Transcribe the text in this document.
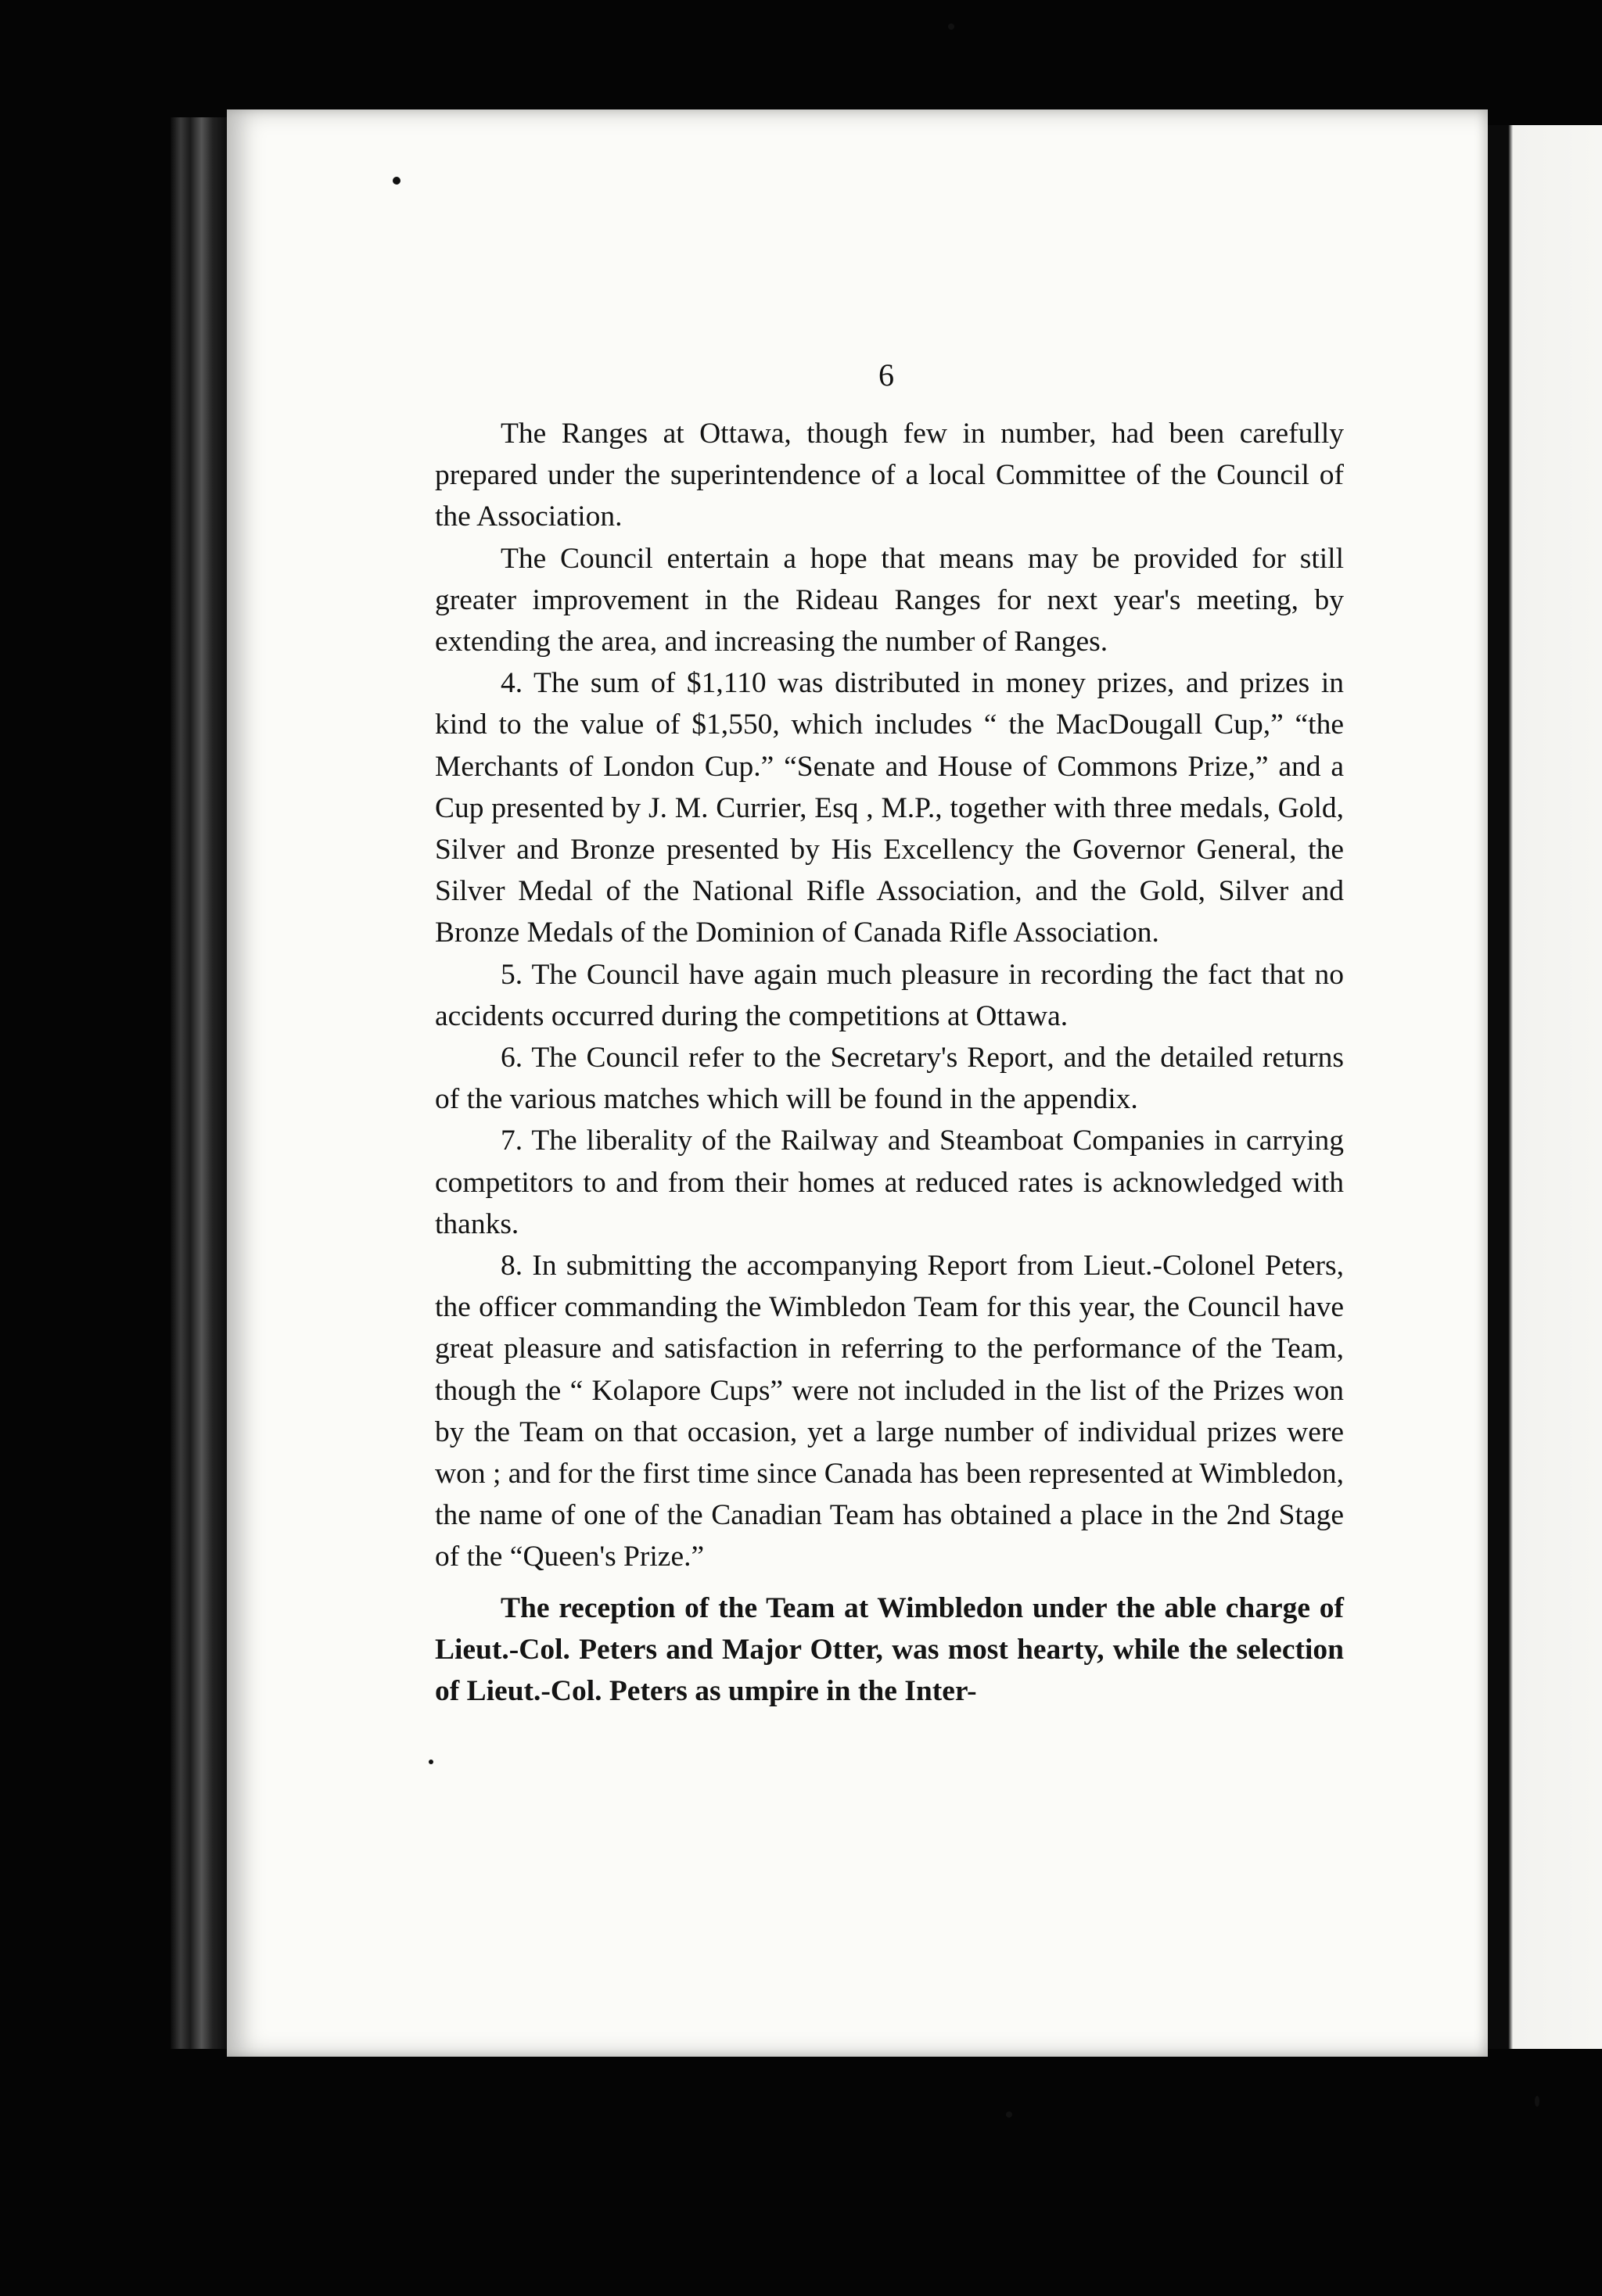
6

The Ranges at Ottawa, though few in number, had been carefully prepared under the superintendence of a local Committee of the Council of the Association.

The Council entertain a hope that means may be provided for still greater improvement in the Rideau Ranges for next year's meeting, by extending the area, and increasing the number of Ranges.

4. The sum of $1,110 was distributed in money prizes, and prizes in kind to the value of $1,550, which includes “ the MacDougall Cup,” “the Merchants of London Cup.” “Senate and House of Commons Prize,” and a Cup presented by J. M. Currier, Esq , M.P., together with three medals, Gold, Silver and Bronze presented by His Excellency the Governor General, the Silver Medal of the National Rifle Association, and the Gold, Silver and Bronze Medals of the Dominion of Canada Rifle Association.

5. The Council have again much pleasure in recording the fact that no accidents occurred during the competitions at Ottawa.

6. The Council refer to the Secretary's Report, and the detailed returns of the various matches which will be found in the appendix.

7. The liberality of the Railway and Steamboat Companies in carrying competitors to and from their homes at reduced rates is acknowledged with thanks.

8. In submitting the accompanying Report from Lieut.-Colonel Peters, the officer commanding the Wimbledon Team for this year, the Council have great pleasure and satisfaction in referring to the performance of the Team, though the “ Kolapore Cups” were not included in the list of the Prizes won by the Team on that occasion, yet a large number of individual prizes were won ; and for the first time since Canada has been represented at Wimbledon, the name of one of the Canadian Team has obtained a place in the 2nd Stage of the “Queen's Prize.”

The reception of the Team at Wimbledon under the able charge of Lieut.-Col. Peters and Major Otter, was most hearty, while the selection of Lieut.-Col. Peters as umpire in the Inter-
